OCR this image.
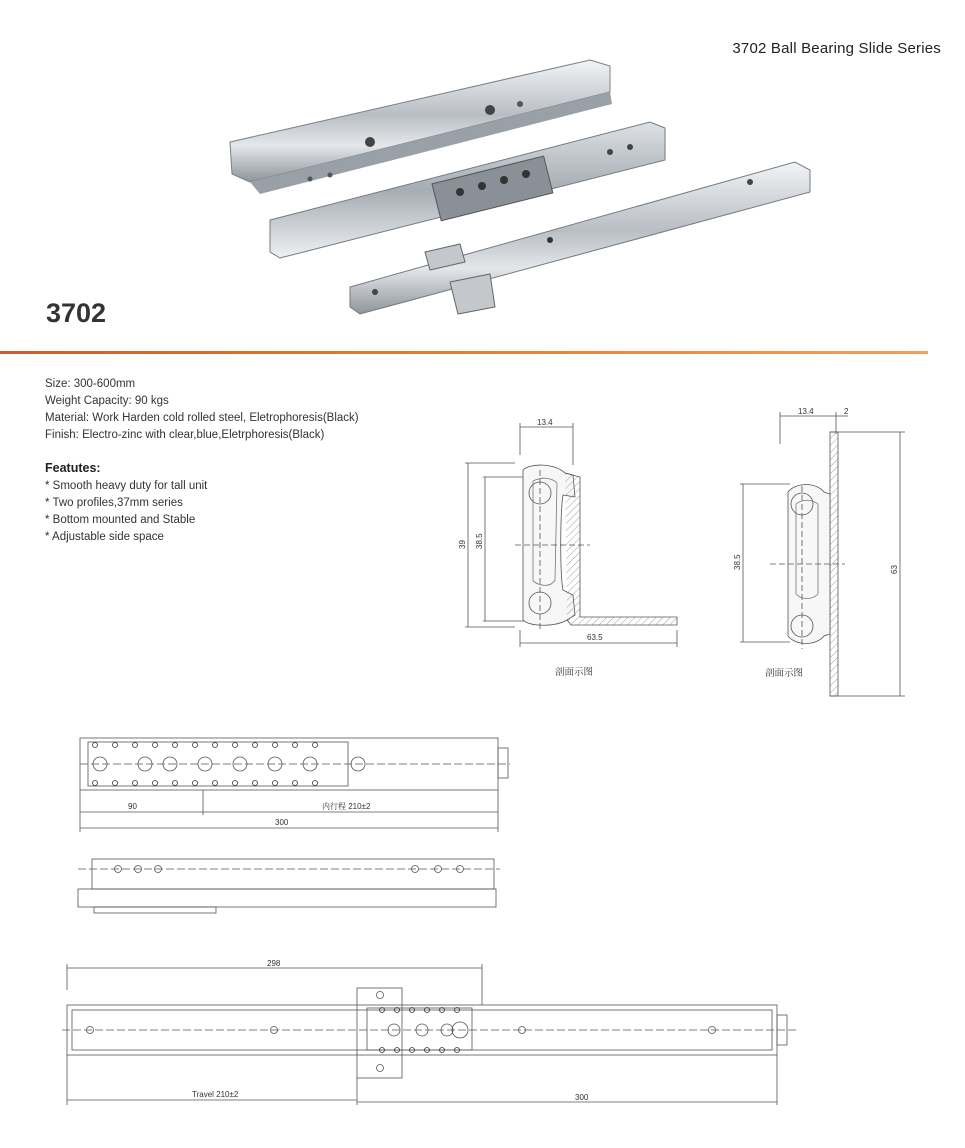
3702 Ball Bearing Slide Series
3702
Size: 300-600mm
Weight Capacity: 90 kgs
Material: Work Harden cold rolled steel, Eletrophoresis(Black)
Finish: Electro-zinc with clear,blue,Eletrphoresis(Black)
Featutes:
* Smooth heavy duty for tall unit
* Two profiles,37mm series
* Bottom mounted and Stable
* Adjustable side space
13.4
39 38.5
63.5
剖面示图
13.4	2
38.5	63
剖面示图
90	内行程 210±2
300
298
Travel 210±2	300
